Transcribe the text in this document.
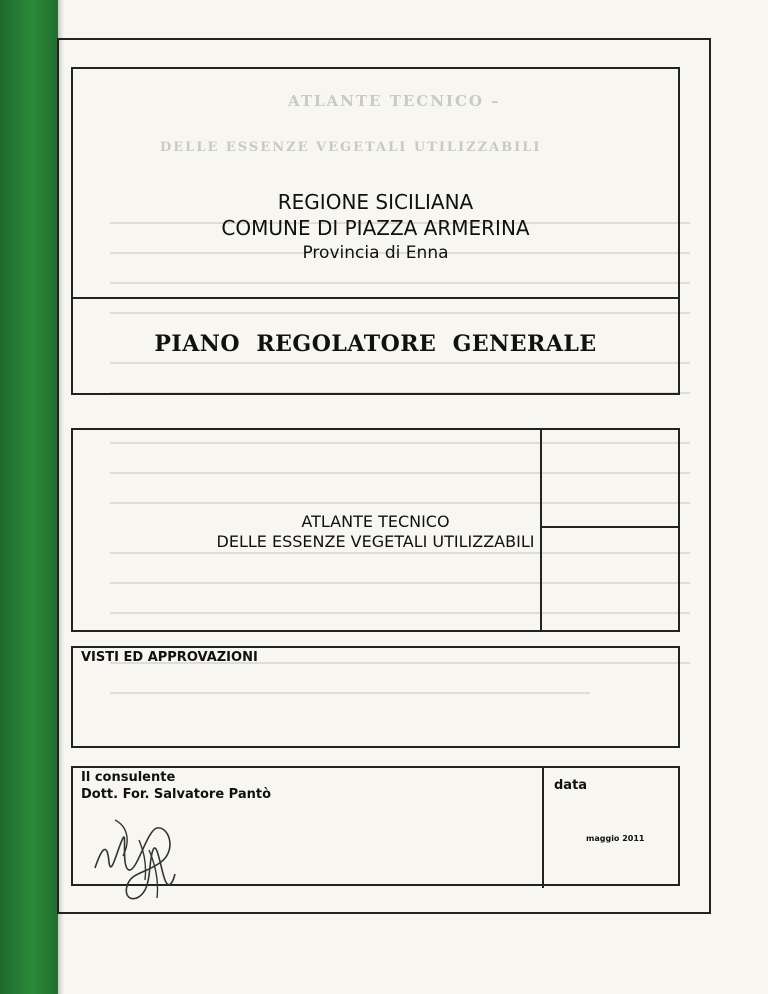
ATLANTE TECNICO –
DELLE ESSENZE VEGETALI UTILIZZABILI
REGIONE SICILIANA
COMUNE DI PIAZZA ARMERINA
Provincia di Enna
PIANO  REGOLATORE  GENERALE
ATLANTE TECNICO
DELLE ESSENZE VEGETALI UTILIZZABILI
VISTI ED APPROVAZIONI
Il consulente
Dott. For. Salvatore Pantò
data
maggio 2011
